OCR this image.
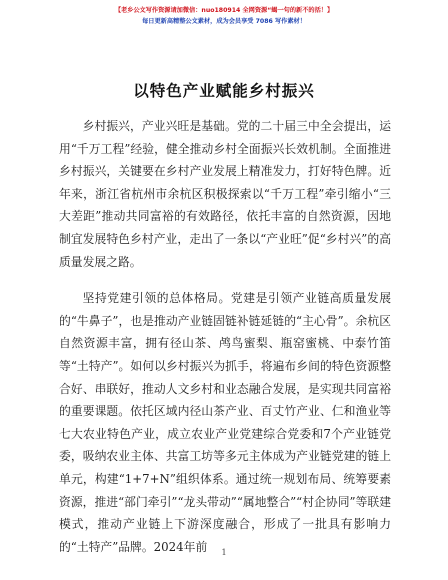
【老乡公文写作资源请加微信：nuo180914 全网资源“蝎一句的新不的括！】
每日更新高精整公文素材，成为会员享受 7086 写作素材！
以特色产业赋能乡村振兴

乡村振兴，产业兴旺是基础。党的二十届三中全会提出，运用“千万工程”经验，健全推动乡村全面振兴长效机制。全面推进乡村振兴，关键要在乡村产业发展上精准发力，打好特色牌。近年来，浙江省杭州市余杭区积极探索以“千万工程”牵引缩小“三大差距”推动共同富裕的有效路径，依托丰富的自然资源，因地制宜发展特色乡村产业，走出了一条以“产业旺”促“乡村兴”的高质量发展之路。

坚持党建引领的总体格局。党建是引领产业链高质量发展的“牛鼻子”，也是推动产业链固链补链延链的“主心骨”。余杭区自然资源丰富，拥有径山茶、鸬鸟蜜梨、瓶窑蜜桃、中泰竹笛等“土特产”。如何以乡村振兴为抓手，将遍布乡间的特色资源整合好、串联好，推动人文乡村和业态融合发展，是实现共同富裕的重要课题。依托区域内径山茶产业、百丈竹产业、仁和渔业等七大农业特色产业，成立农业产业党建综合党委和7个产业链党委，吸纳农业主体、共富工坊等多元主体成为产业链党建的链上单元，构建“1+7+N”组织体系。通过统一规划布局、统筹要素资源，推进“部门牵引”“龙头带动”“属地整合”“村企协同”等联建模式，推动产业链上下游深度融合，形成了一批具有影响力的“土特产”品牌。2024年前	1
